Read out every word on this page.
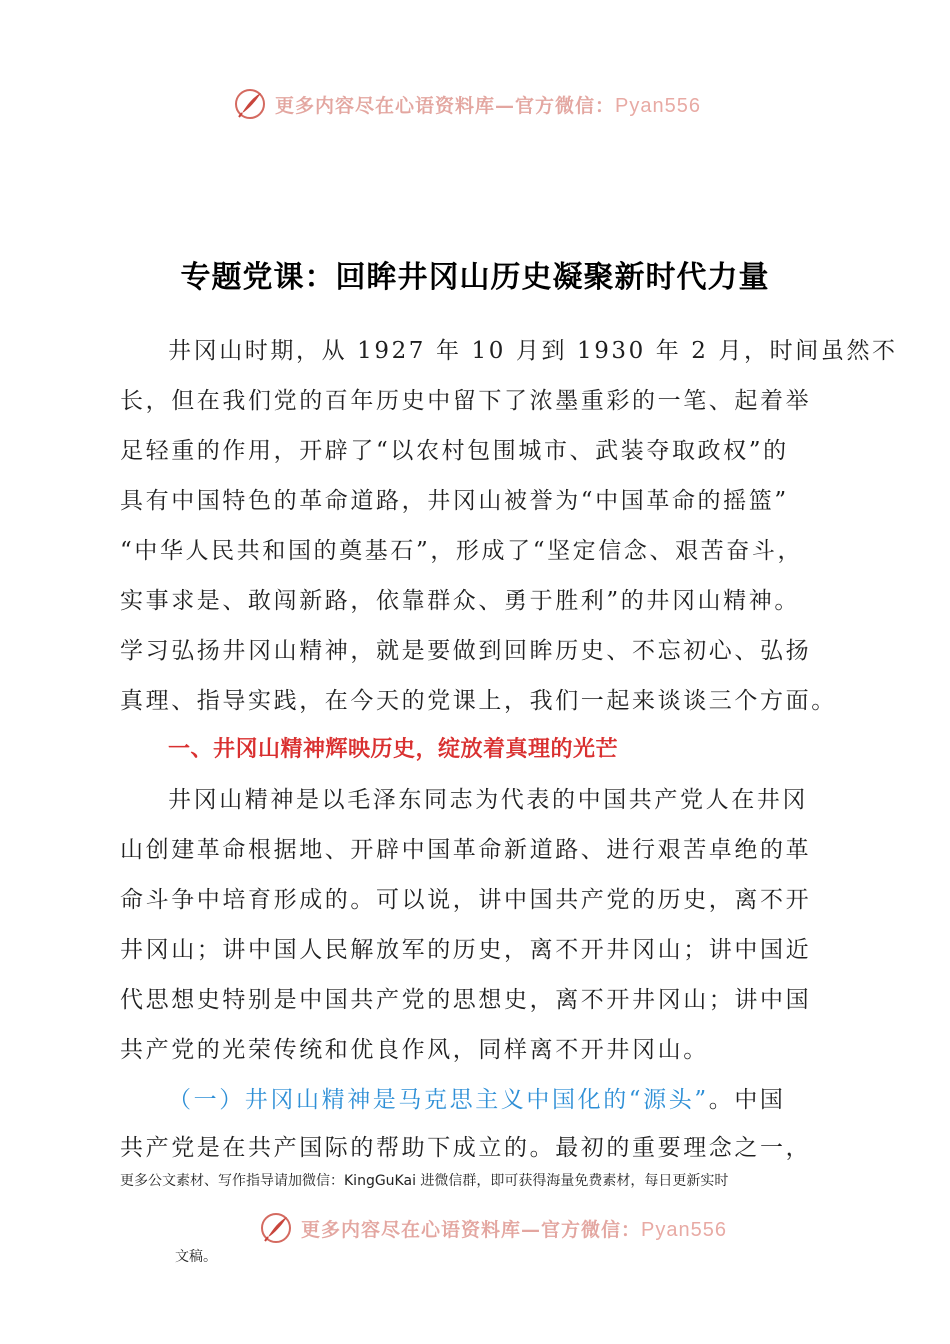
更多内容尽在心语资料库—官方微信：Pyan556
专题党课：回眸井冈山历史凝聚新时代力量
井冈山时期，从 1927 年 10 月到 1930 年 2 月，时间虽然不
长，但在我们党的百年历史中留下了浓墨重彩的一笔、起着举
足轻重的作用，开辟了“以农村包围城市、武装夺取政权”的
具有中国特色的革命道路，井冈山被誉为“中国革命的摇篮”
“中华人民共和国的奠基石”，形成了“坚定信念、艰苦奋斗，
实事求是、敢闯新路，依靠群众、勇于胜利”的井冈山精神。
学习弘扬井冈山精神，就是要做到回眸历史、不忘初心、弘扬
真理、指导实践，在今天的党课上，我们一起来谈谈三个方面。
一、井冈山精神辉映历史，绽放着真理的光芒
井冈山精神是以毛泽东同志为代表的中国共产党人在井冈
山创建革命根据地、开辟中国革命新道路、进行艰苦卓绝的革
命斗争中培育形成的。可以说，讲中国共产党的历史，离不开
井冈山；讲中国人民解放军的历史，离不开井冈山；讲中国近
代思想史特别是中国共产党的思想史，离不开井冈山；讲中国
共产党的光荣传统和优良作风，同样离不开井冈山。
（一）井冈山精神是马克思主义中国化的“源头”。中国
共产党是在共产国际的帮助下成立的。最初的重要理念之一，
更多公文素材、写作指导请加微信：KingGuKai 进微信群，即可获得海量免费素材，每日更新实时
更多内容尽在心语资料库—官方微信：Pyan556
文稿。
